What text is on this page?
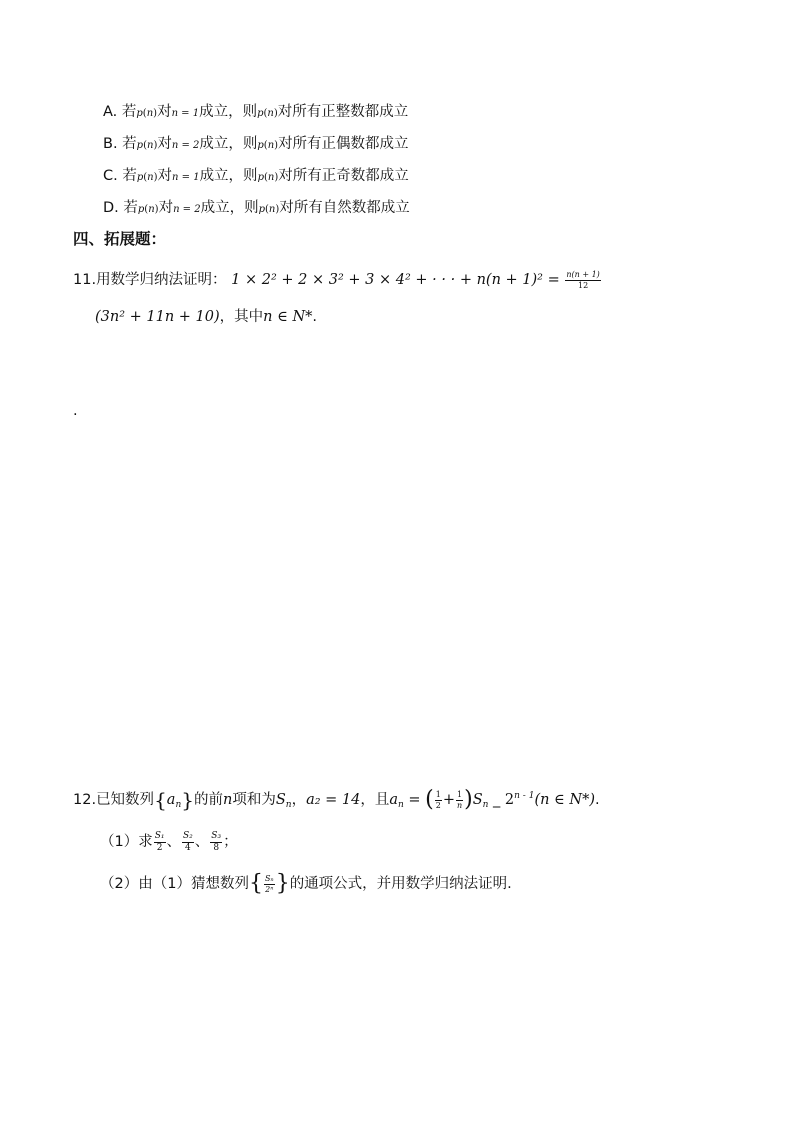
A. 若p(n)对n = 1成立，则p(n)对所有正整数都成立
B. 若p(n)对n = 2成立，则p(n)对所有正偶数都成立
C. 若p(n)对n = 1成立，则p(n)对所有正奇数都成立
D. 若p(n)对n = 2成立，则p(n)对所有自然数都成立
四、拓展题：
11.用数学归纳法证明： 1 × 2² + 2 × 3² + 3 × 4² + · · · + $n(n + 1)^2 = \frac{n(n + 1)}{12}$
(3n² + 11n + 10)，其中n ∈ N*.
.
12.已知数列$\{a_n\}$的前n项和为$S_n$，a₂ = 14，且$a_n$ = ( $\frac{1}{2} + \frac{1}{n} )S_n$ _ 2$^{n - 1}$(n ∈ N*).
（1）求 $\frac{\text{S₁}}{2}$ 、 $\frac{\text{S₂}}{4}$ 、 $\frac{\text{S₃}}{8}$ ；
（2）由（1）猜想数列{ $\frac{\text{Sₙ}}{\text{2ⁿ}}$ }的通项公式，并用数学归纳法证明.
